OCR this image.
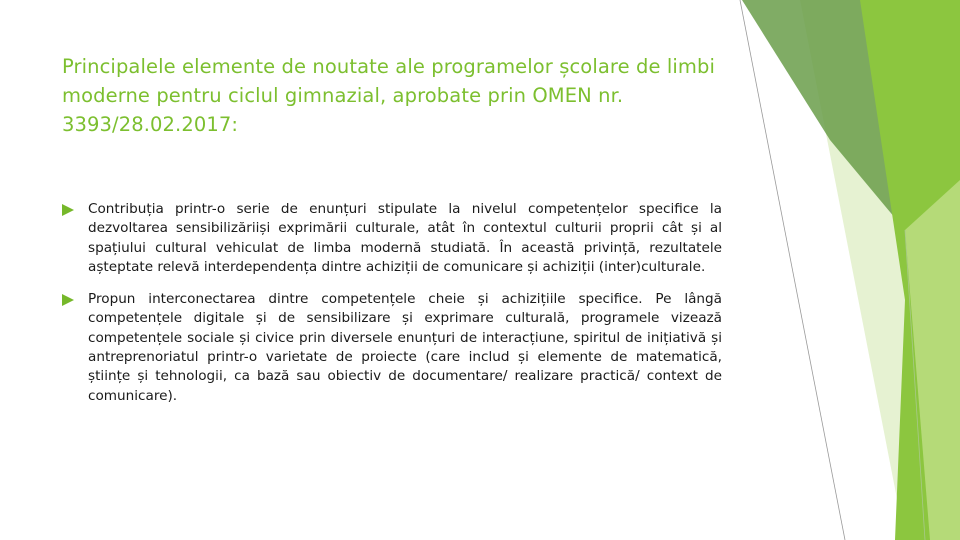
Principalele elemente de noutate ale programelor școlare de limbi moderne pentru ciclul gimnazial, aprobate prin OMEN nr. 3393/28.02.2017:
Contribuția printr-o serie de enunțuri stipulate la nivelul competențelor specifice la dezvoltarea sensibilizăriiși exprimării culturale, atât în contextul culturii proprii cât și al spațiului cultural vehiculat de limba modernă studiată. În această privință, rezultatele așteptate relevă interdependența dintre achiziții de comunicare și achiziții (inter)culturale.
Propun interconectarea dintre competențele cheie și achizițiile specifice. Pe lângă competențele digitale și de sensibilizare și exprimare culturală, programele vizează competențele sociale și civice prin diversele enunțuri de interacțiune, spiritul de inițiativă și antreprenoriatul printr-o varietate de proiecte (care includ și elemente de matematică, științe și tehnologii, ca bază sau obiectiv de documentare/ realizare practică/ context de comunicare).
